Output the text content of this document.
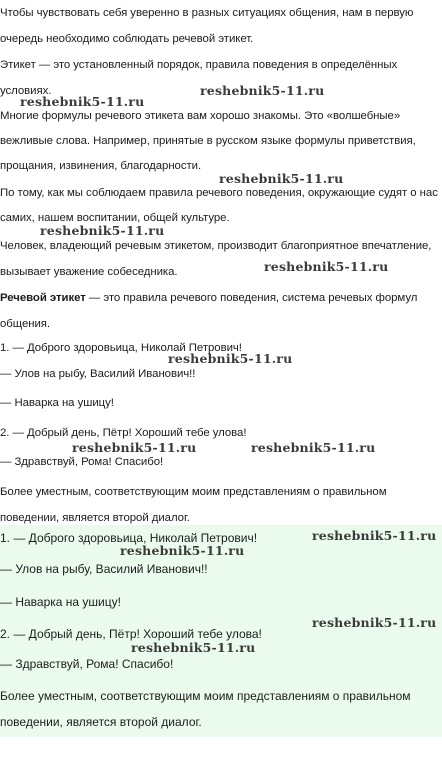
Чтобы чувствовать себя уверенно в разных ситуациях общения, нам в первую очередь необходимо соблюдать речевой этикет.

Этикет — это установленный порядок, правила поведения в определённых условиях.

Многие формулы речевого этикета вам хорошо знакомы. Это «волшебные» вежливые слова. Например, принятые в русском языке формулы приветствия, прощания, извинения, благодарности.

По тому, как мы соблюдаем правила речевого поведения, окружающие судят о нас самих, нашем воспитании, общей культуре.

Человек, владеющий речевым этикетом, производит благоприятное впечатление, вызывает уважение собеседника.

Речевой этикет — это правила речевого поведения, система речевых формул общения.

1. — Доброго здоровьица, Николай Петрович!

— Улов на рыбу, Василий Иванович!!

— Наварка на ушицу!

2. — Добрый день, Пётр! Хороший тебе улова!

— Здравствуй, Рома! Спасибо!

Более уместным, соответствующим моим представлениям о правильном поведении, является второй диалог.

1. — Доброго здоровьица, Николай Петрович!

— Улов на рыбу, Василий Иванович!!

— Наварка на ушицу!

2. — Добрый день, Пётр! Хороший тебе улова!

— Здравствуй, Рома! Спасибо!

Более уместным, соответствующим моим представлениям о правильном поведении, является второй диалог.

reshebnik5-11.ru
reshebnik5-11.ru
reshebnik5-11.ru
reshebnik5-11.ru
reshebnik5-11.ru
reshebnik5-11.ru
reshebnik5-11.ru	reshebnik5-11.ru
reshebnik5-11.ru
reshebnik5-11.ru
reshebnik5-11.ru
reshebnik5-11.ru
